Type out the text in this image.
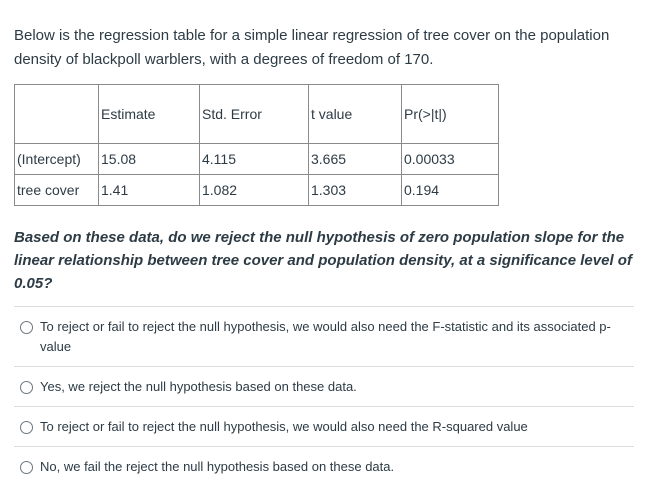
Below is the regression table for a simple linear regression of tree cover on the population density of blackpoll warblers, with a degrees of freedom of 170.

	Estimate	Std. Error	t value	Pr(>|t|)
(Intercept)	15.08	4.115	3.665	0.00033
tree cover	1.41	1.082	1.303	0.194

Based on these data, do we reject the null hypothesis of zero population slope for the linear relationship between tree cover and population density, at a significance level of 0.05?

To reject or fail to reject the null hypothesis, we would also need the F-statistic and its associated p-value
Yes, we reject the null hypothesis based on these data.
To reject or fail to reject the null hypothesis, we would also need the R-squared value
No, we fail the reject the null hypothesis based on these data.
